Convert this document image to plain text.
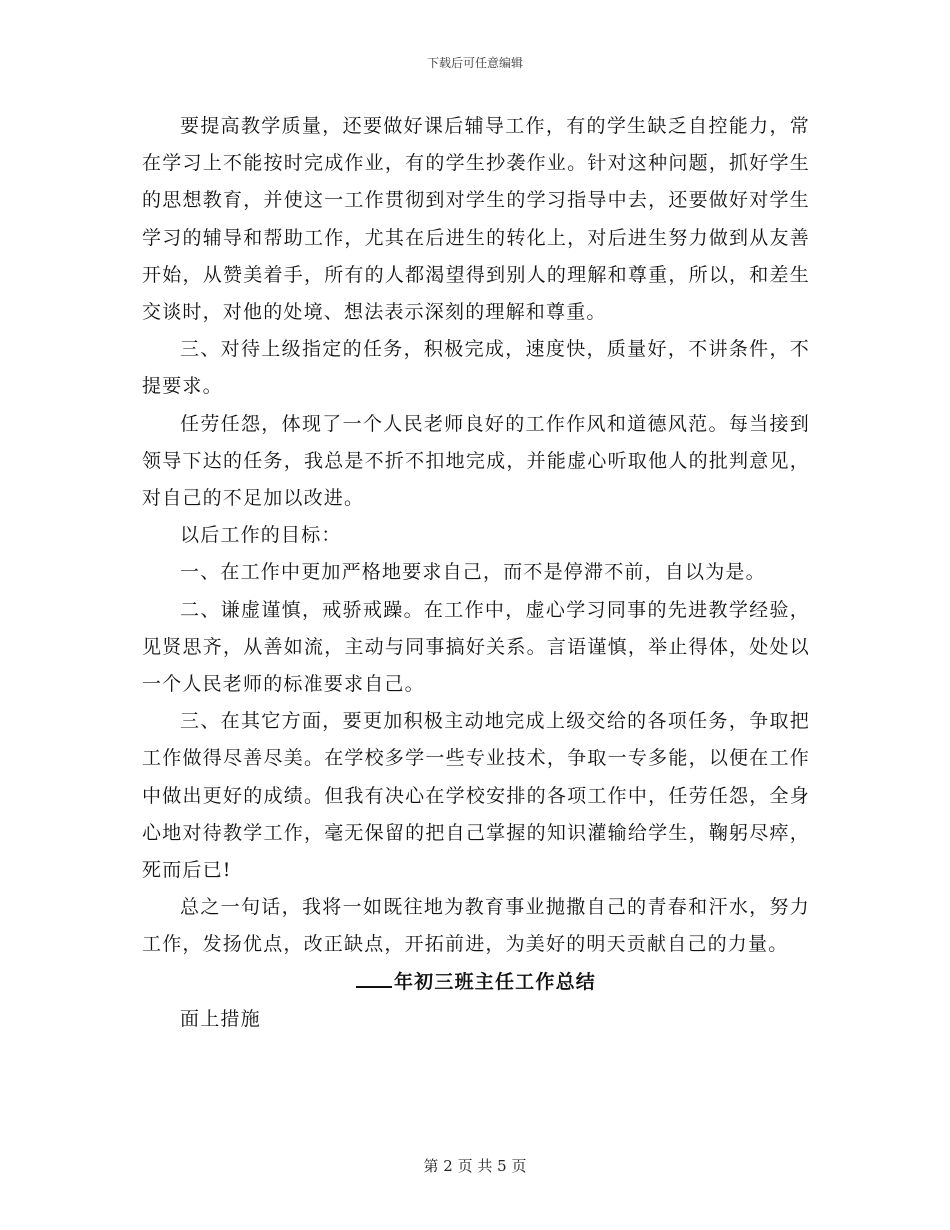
下载后可任意编辑

要提高教学质量，还要做好课后辅导工作，有的学生缺乏自控能力，常在学习上不能按时完成作业，有的学生抄袭作业。针对这种问题，抓好学生的思想教育，并使这一工作贯彻到对学生的学习指导中去，还要做好对学生学习的辅导和帮助工作，尤其在后进生的转化上，对后进生努力做到从友善开始，从赞美着手，所有的人都渴望得到别人的理解和尊重，所以，和差生交谈时，对他的处境、想法表示深刻的理解和尊重。

三、对待上级指定的任务，积极完成，速度快，质量好，不讲条件，不提要求。

任劳任怨，体现了一个人民老师良好的工作作风和道德风范。每当接到领导下达的任务，我总是不折不扣地完成，并能虚心听取他人的批判意见，对自己的不足加以改进。

以后工作的目标：

一、在工作中更加严格地要求自己，而不是停滞不前，自以为是。

二、谦虚谨慎，戒骄戒躁。在工作中，虚心学习同事的先进教学经验，见贤思齐，从善如流，主动与同事搞好关系。言语谨慎，举止得体，处处以一个人民老师的标准要求自己。

三、在其它方面，要更加积极主动地完成上级交给的各项任务，争取把工作做得尽善尽美。在学校多学一些专业技术，争取一专多能，以便在工作中做出更好的成绩。但我有决心在学校安排的各项工作中，任劳任怨，全身心地对待教学工作，毫无保留的把自己掌握的知识灌输给学生，鞠躬尽瘁，死而后已!

总之一句话，我将一如既往地为教育事业抛撒自己的青春和汗水，努力工作，发扬优点，改正缺点，开拓前进，为美好的明天贡献自己的力量。

年初三班主任工作总结

面上措施

第 2 页 共 5 页
